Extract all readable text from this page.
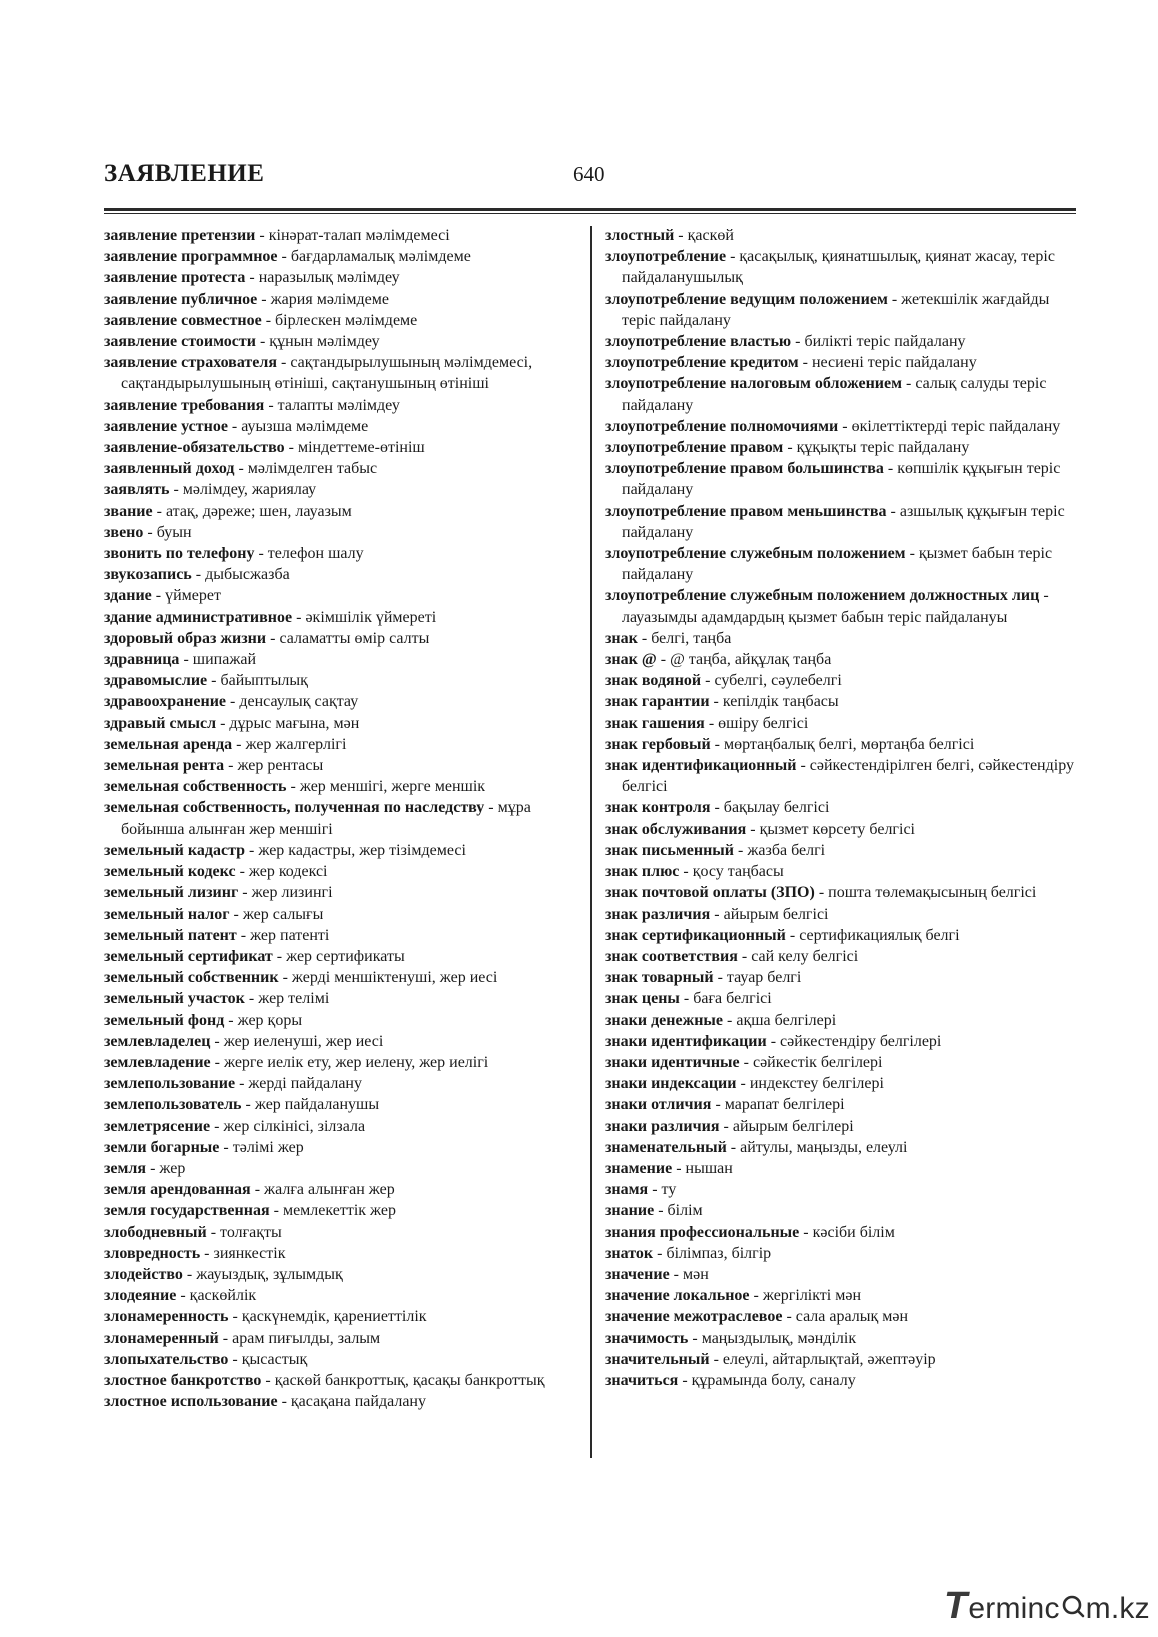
ЗАЯВЛЕНИЕ	640

заявление претензии - кінәрат-талап мәлімдемесі

заявление программное - бағдарламалық мәлімдеме

заявление протеста - наразылық мәлімдеу

заявление публичное - жария мәлімдеме

заявление совместное - бірлескен мәлімдеме

заявление стоимости - құнын мәлімдеу

заявление страхователя - сақтандырылушының мәлімдемесі, сақтандырылушының өтініші, сақтанушының өтініші

заявление требования - талапты мәлімдеу

заявление устное - ауызша мәлімдеме

заявление-обязательство - міндеттеме-өтініш

заявленный доход - мәлімделген табыс

заявлять - мәлімдеу, жариялау

звание - атақ, дәреже; шен, лауазым

звено - буын

звонить по телефону - телефон шалу

звукозапись - дыбысжазба

здание - үймерет

здание административное - әкімшілік үймереті

здоровый образ жизни - саламатты өмір салты

здравница - шипажай

здравомыслие - байыптылық

здравоохранение - денсаулық сақтау

здравый смысл - дұрыс мағына, мән

земельная аренда - жер жалгерлігі

земельная рента - жер рентасы

земельная собственность - жер меншігі, жерге меншік

земельная собственность, полученная по наследству - мұра бойынша алынған жер меншігі

земельный кадастр - жер кадастры, жер тізімдемесі

земельный кодекс - жер кодексі

земельный лизинг - жер лизингі

земельный налог - жер салығы

земельный патент - жер патенті

земельный сертификат - жер сертификаты

земельный собственник - жерді меншіктенуші, жер иесі

земельный участок - жер телімі

земельный фонд - жер қоры

землевладелец - жер иеленуші, жер иесі

землевладение - жерге иелік ету, жер иелену, жер иелігі

землепользование - жерді пайдалану

землепользователь - жер пайдаланушы

землетрясение - жер сілкінісі, зілзала

земли богарные - тәлімі жер

земля - жер

земля арендованная - жалға алынған жер

земля государственная - мемлекеттік жер

злободневный - толғақты

зловредность - зиянкестік

злодейство - жауыздық, зұлымдық

злодеяние - қаскөйлік

злонамеренность - қаскүнемдік, қарениеттілік

злонамеренный - арам пиғылды, залым

злопыхательство - қысастық

злостное банкротство - қаскөй банкроттық, қасақы банкроттық

злостное использование - қасақана пайдалану

злостный - қаскөй

злоупотребление - қасақылық, қиянатшылық, қиянат жасау, теріс пайдаланушылық

злоупотребление ведущим положением - жетекшілік жағдайды теріс пайдалану

злоупотребление властью - билікті теріс пайдалану

злоупотребление кредитом - несиені теріс пайдалану

злоупотребление налоговым обложением - салық салуды теріс пайдалану

злоупотребление полномочиями - өкілеттіктерді теріс пайдалану

злоупотребление правом - құқықты теріс пайдалану

злоупотребление правом большинства - көпшілік құқығын теріс пайдалану

злоупотребление правом меньшинства - азшылық құқығын теріс пайдалану

злоупотребление служебным положением - қызмет бабын теріс пайдалану

злоупотребление служебным положением должностных лиц - лауазымды адамдардың қызмет бабын теріс пайдалануы

знак - белгі, таңба

знак @ - @ таңба, айқұлақ таңба

знак водяной - субелгі, сәулебелгі

знак гарантии - кепілдік таңбасы

знак гашения - өшіру белгісі

знак гербовый - мөртаңбалық белгі, мөртаңба белгісі

знак идентификационный - сәйкестендірілген белгі, сәйкестендіру белгісі

знак контроля - бақылау белгісі

знак обслуживания - қызмет көрсету белгісі

знак письменный - жазба белгі

знак плюс - қосу таңбасы

знак почтовой оплаты (ЗПО) - пошта төлемақысының белгісі

знак различия - айырым белгісі

знак сертификационный - сертификациялық белгі

знак соответствия - сай келу белгісі

знак товарный - тауар белгі

знак цены - баға белгісі

знаки денежные - ақша белгілері

знаки идентификации - сәйкестендіру белгілері

знаки идентичные - сәйкестік белгілері

знаки индексации - индекстеу белгілері

знаки отличия - марапат белгілері

знаки различия - айырым белгілері

знаменательный - айтулы, маңызды, елеулі

знамение - нышан

знамя - ту

знание - білім

знания профессиональные - кәсіби білім

знаток - білімпаз, білгір

значение - мән

значение локальное - жергілікті мән

значение межотраслевое - сала аралық мән

значимость - маңыздылық, мәнділік

значительный - елеулі, айтарлықтай, әжептәуір

значиться - құрамында болу, саналу

T ermin c m.kz
